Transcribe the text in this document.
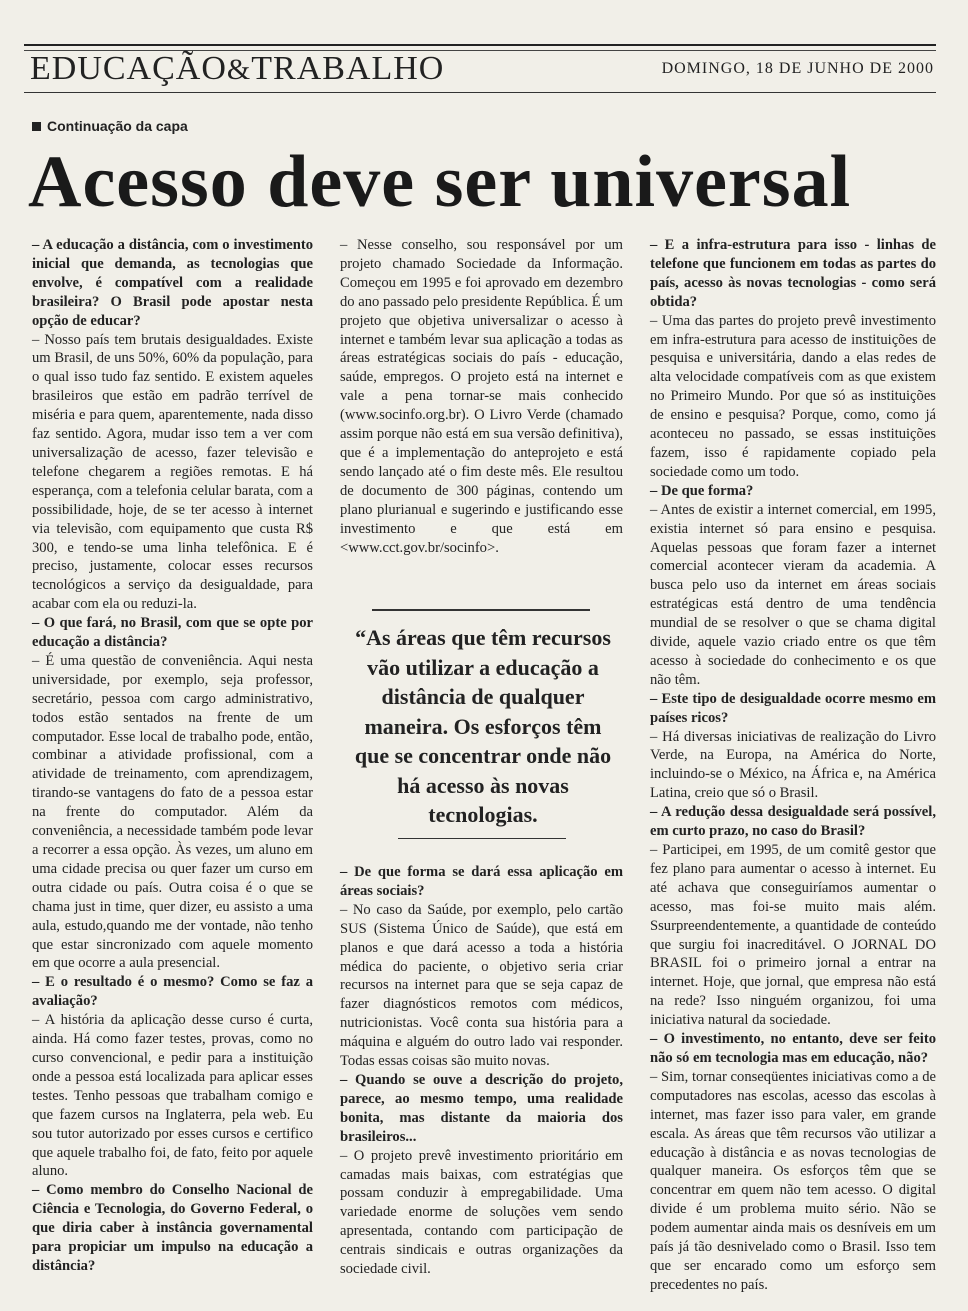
EDUCAÇÃO&TRABALHO	DOMINGO, 18 DE JUNHO DE 2000
Continuação da capa
Acesso deve ser universal

– A educação a distância, com o investimento inicial que demanda, as tecnologias que envolve, é compatível com a realidade brasileira? O Brasil pode apostar nesta opção de educar?

– Nosso país tem brutais desigualdades. Existe um Brasil, de uns 50%, 60% da população, para o qual isso tudo faz sentido. E existem aqueles brasileiros que estão em padrão terrível de miséria e para quem, aparentemente, nada disso faz sentido. Agora, mudar isso tem a ver com universalização de acesso, fazer televisão e telefone chegarem a regiões remotas. E há esperança, com a telefonia celular barata, com a possibilidade, hoje, de se ter acesso à internet via televisão, com equipamento que custa R$ 300, e tendo-se uma linha telefônica. E é preciso, justamente, colocar esses recursos tecnológicos a serviço da desigualdade, para acabar com ela ou reduzi-la.

– O que fará, no Brasil, com que se opte por educação a distância?

– É uma questão de conveniência. Aqui nesta universidade, por exemplo, seja professor, secretário, pessoa com cargo administrativo, todos estão sentados na frente de um computador. Esse local de trabalho pode, então, combinar a atividade profissional, com a atividade de treinamento, com aprendizagem, tirando-se vantagens do fato de a pessoa estar na frente do computador. Além da conveniência, a necessidade também pode levar a recorrer a essa opção. Às vezes, um aluno em uma cidade precisa ou quer fazer um curso em outra cidade ou país. Outra coisa é o que se chama just in time, quer dizer, eu assisto a uma aula, estudo,quando me der vontade, não tenho que estar sincronizado com aquele momento em que ocorre a aula presencial.

– E o resultado é o mesmo? Como se faz a avaliação?

– A história da aplicação desse curso é curta, ainda. Há como fazer testes, provas, como no curso convencional, e pedir para a instituição onde a pessoa está localizada para aplicar esses testes. Tenho pessoas que trabalham comigo e que fazem cursos na Inglaterra, pela web. Eu sou tutor autorizado por esses cursos e certifico que aquele trabalho foi, de fato, feito por aquele aluno.

– Como membro do Conselho Nacional de Ciência e Tecnologia, do Governo Federal, o que diria caber à instância governamental para propiciar um impulso na educação a distância?

– Nesse conselho, sou responsável por um projeto chamado Sociedade da Informação. Começou em 1995 e foi aprovado em dezembro do ano passado pelo presidente República. É um projeto que objetiva universalizar o acesso à internet e também levar sua aplicação a todas as áreas estratégicas sociais do país - educação, saúde, empregos. O projeto está na internet e vale a pena tornar-se mais conhecido (www.socinfo.org.br). O Livro Verde (chamado assim porque não está em sua versão definitiva), que é a implementação do anteprojeto e está sendo lançado até o fim deste mês. Ele resultou de documento de 300 páginas, contendo um plano plurianual e sugerindo e justificando esse investimento e que está em <www.cct.gov.br/socinfo>.

“As áreas que têm recursos vão utilizar a educação a distância de qualquer maneira. Os esforços têm que se concentrar onde não há acesso às novas tecnologias.

– De que forma se dará essa aplicação em áreas sociais?

– No caso da Saúde, por exemplo, pelo cartão SUS (Sistema Único de Saúde), que está em planos e que dará acesso a toda a história médica do paciente, o objetivo seria criar recursos na internet para que se seja capaz de fazer diagnósticos remotos com médicos, nutricionistas. Você conta sua história para a máquina e alguém do outro lado vai responder. Todas essas coisas são muito novas.

– Quando se ouve a descrição do projeto, parece, ao mesmo tempo, uma realidade bonita, mas distante da maioria dos brasileiros...

– O projeto prevê investimento prioritário em camadas mais baixas, com estratégias que possam conduzir à empregabilidade. Uma variedade enorme de soluções vem sendo apresentada, contando com participação de centrais sindicais e outras organizações da sociedade civil.

– E a infra-estrutura para isso - linhas de telefone que funcionem em todas as partes do país, acesso às novas tecnologias - como será obtida?

– Uma das partes do projeto prevê investimento em infra-estrutura para acesso de instituições de pesquisa e universitária, dando a elas redes de alta velocidade compatíveis com as que existem no Primeiro Mundo. Por que só as instituições de ensino e pesquisa? Porque, como, como já aconteceu no passado, se essas instituições fazem, isso é rapidamente copiado pela sociedade como um todo.

– De que forma?

– Antes de existir a internet comercial, em 1995, existia internet só para ensino e pesquisa. Aquelas pessoas que foram fazer a internet comercial acontecer vieram da academia. A busca pelo uso da internet em áreas sociais estratégicas está dentro de uma tendência mundial de se resolver o que se chama digital divide, aquele vazio criado entre os que têm acesso à sociedade do conhecimento e os que não têm.

– Este tipo de desigualdade ocorre mesmo em países ricos?

– Há diversas iniciativas de realização do Livro Verde, na Europa, na América do Norte, incluindo-se o México, na África e, na América Latina, creio que só o Brasil.

– A redução dessa desigualdade será possível, em curto prazo, no caso do Brasil?

– Participei, em 1995, de um comitê gestor que fez plano para aumentar o acesso à internet. Eu até achava que conseguiríamos aumentar o acesso, mas foi-se muito mais além. Ssurpreendentemente, a quantidade de conteúdo que surgiu foi inacreditável. O JORNAL DO BRASIL foi o primeiro jornal a entrar na internet. Hoje, que jornal, que empresa não está na rede? Isso ninguém organizou, foi uma iniciativa natural da sociedade.

– O investimento, no entanto, deve ser feito não só em tecnologia mas em educação, não?

– Sim, tornar conseqüentes iniciativas como a de computadores nas escolas, acesso das escolas à internet, mas fazer isso para valer, em grande escala. As áreas que têm recursos vão utilizar a educação à distância e as novas tecnologias de qualquer maneira. Os esforços têm que se concentrar em quem não tem acesso. O digital divide é um problema muito sério. Não se podem aumentar ainda mais os desníveis em um país já tão desnivelado como o Brasil. Isso tem que ser encarado como um esforço sem precedentes no país.
